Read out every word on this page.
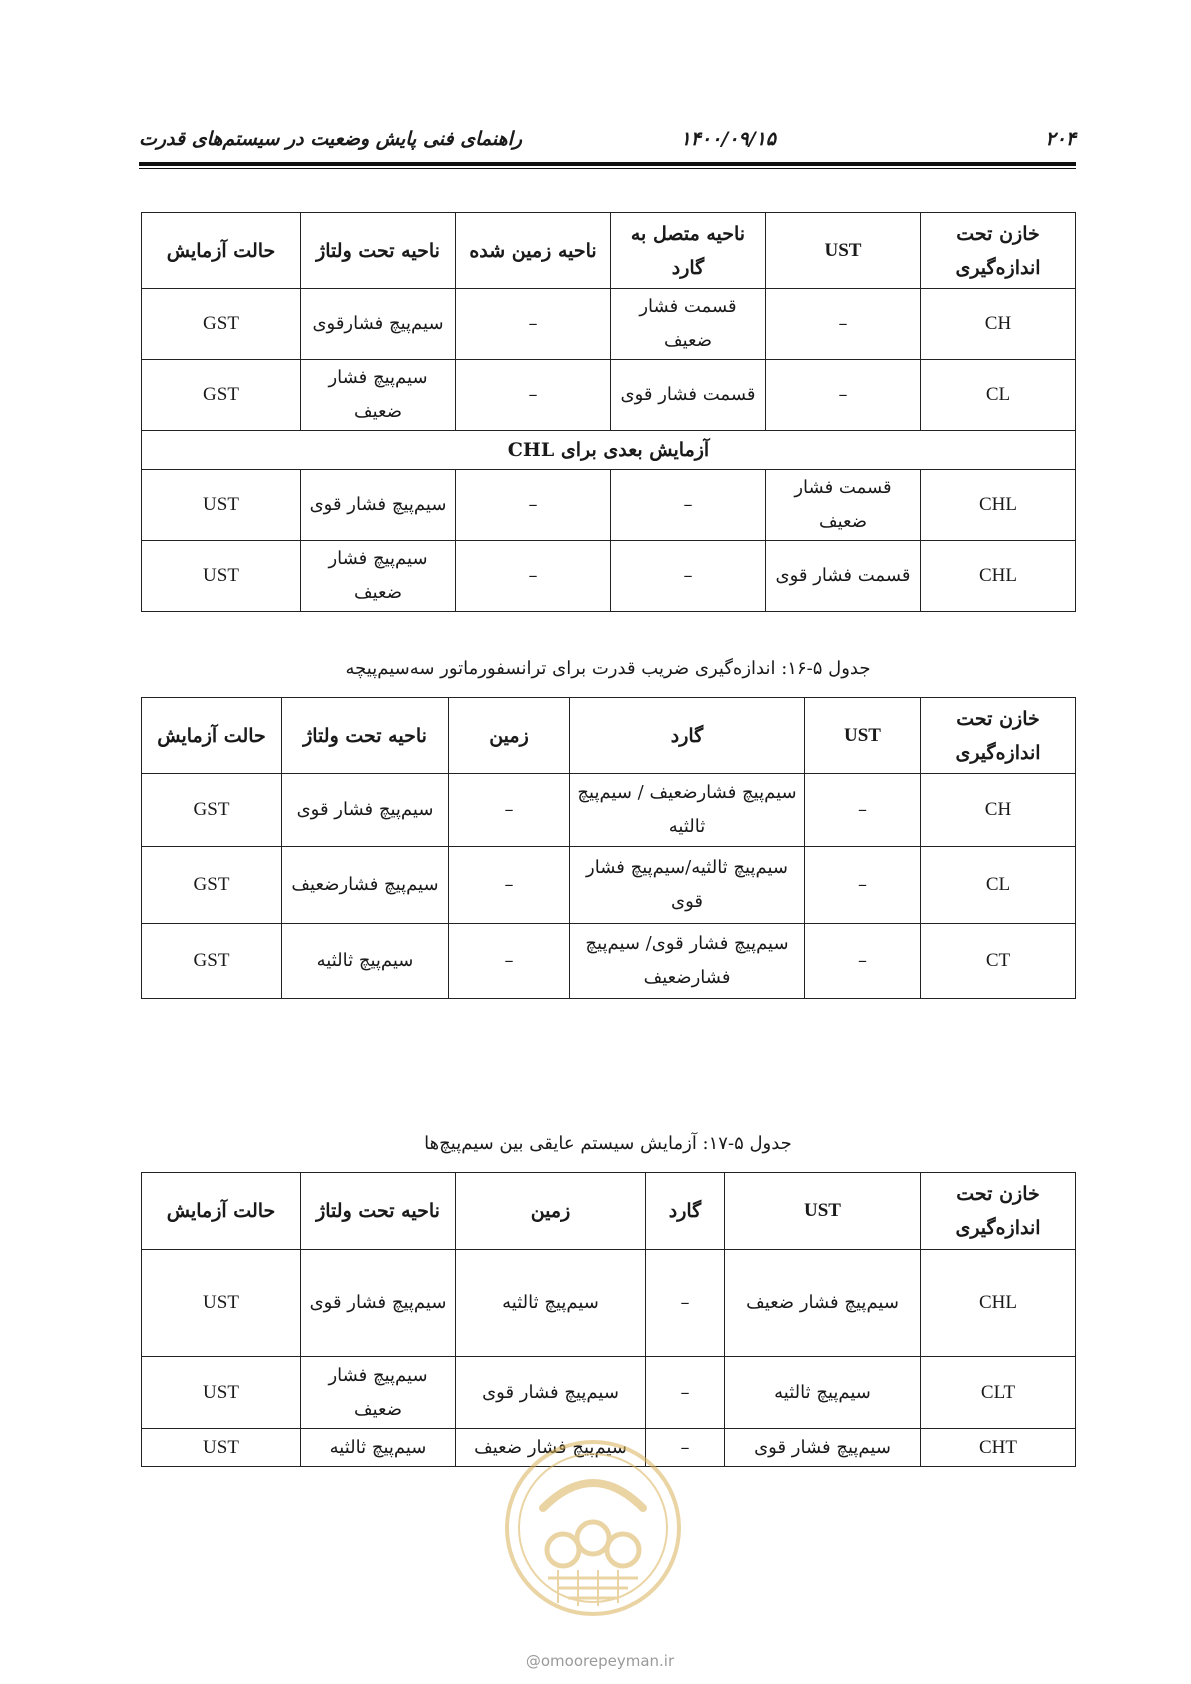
۲۰۴
۱۴۰۰/۰۹/۱۵
راهنمای فنی پایش وضعیت در سیستم‌های قدرت
خازن تحت اندازه‌گیری	UST	ناحیه متصل به گارد	ناحیه زمین شده	ناحیه تحت ولتاژ	حالت آزمایش
CH	–	قسمت فشار ضعیف	–	سیم‌پیچ فشارقوی	GST
CL	–	قسمت فشار قوی	–	سیم‌پیچ فشار ضعیف	GST
آزمایش بعدی برای CHL					
CHL	قسمت فشار ضعیف	–	–	سیم‌پیچ فشار قوی	UST
CHL	قسمت فشار قوی	–	–	سیم‌پیچ فشار ضعیف	UST
جدول ۵-۱۶: اندازه‌گیری ضریب قدرت برای ترانسفورماتور سه‌سیم‌پیچه
خازن تحت اندازه‌گیری	UST	گارد	زمین	ناحیه تحت ولتاژ	حالت آزمایش
CH	–	سیم‌پیچ فشارضعیف / سیم‌پیچ ثالثیه	–	سیم‌پیچ فشار قوی	GST
CL	–	سیم‌پیچ ثالثیه/سیم‌پیچ فشار قوی	–	سیم‌پیچ فشارضعیف	GST
CT	–	سیم‌پیچ فشار قوی/ سیم‌پیچ فشارضعیف	–	سیم‌پیچ ثالثیه	GST
جدول ۵-۱۷: آزمایش سیستم عایقی بین سیم‌پیچ‌ها
خازن تحت اندازه‌گیری	UST	گارد	زمین	ناحیه تحت ولتاژ	حالت آزمایش
CHL	سیم‌پیچ فشار ضعیف	–	سیم‌پیچ ثالثیه	سیم‌پیچ فشار قوی	UST
CLT	سیم‌پیچ ثالثیه	–	سیم‌پیچ فشار قوی	سیم‌پیچ فشار ضعیف	UST
CHT	سیم‌پیچ فشار قوی	–	سیم‌پیچ فشار ضعیف	سیم‌پیچ ثالثیه	UST
@omoorepeyman.ir
